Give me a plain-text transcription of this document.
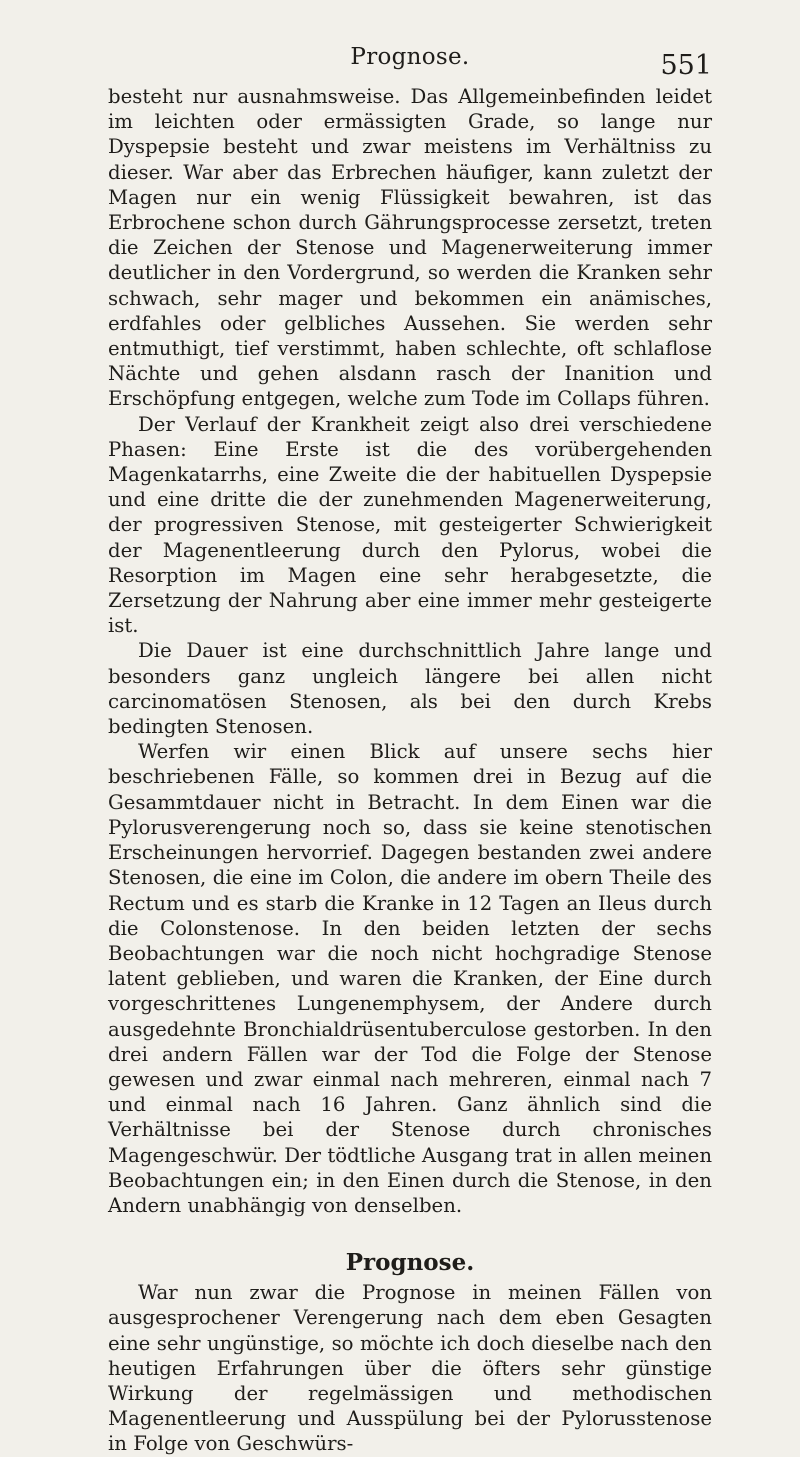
Prognose.	551

besteht nur ausnahmsweise. Das Allgemeinbefinden leidet im leichten oder ermässigten Grade, so lange nur Dyspepsie besteht und zwar meistens im Verhältniss zu dieser. War aber das Erbrechen häufiger, kann zuletzt der Magen nur ein wenig Flüssigkeit bewahren, ist das Erbrochene schon durch Gährungsprocesse zersetzt, treten die Zeichen der Stenose und Magenerweiterung immer deutlicher in den Vordergrund, so werden die Kranken sehr schwach, sehr mager und bekommen ein anämisches, erdfahles oder gelbliches Aussehen. Sie werden sehr entmuthigt, tief verstimmt, haben schlechte, oft schlaflose Nächte und gehen alsdann rasch der Inanition und Erschöpfung entgegen, welche zum Tode im Collaps führen.

Der Verlauf der Krankheit zeigt also drei verschiedene Phasen: Eine Erste ist die des vorübergehenden Magenkatarrhs, eine Zweite die der habituellen Dyspepsie und eine dritte die der zunehmenden Magenerweiterung, der progressiven Stenose, mit gesteigerter Schwierigkeit der Magenentleerung durch den Pylorus, wobei die Resorption im Magen eine sehr herabgesetzte, die Zersetzung der Nahrung aber eine immer mehr gesteigerte ist.

Die Dauer ist eine durchschnittlich Jahre lange und besonders ganz ungleich längere bei allen nicht carcinomatösen Stenosen, als bei den durch Krebs bedingten Stenosen.

Werfen wir einen Blick auf unsere sechs hier beschriebenen Fälle, so kommen drei in Bezug auf die Gesammtdauer nicht in Betracht. In dem Einen war die Pylorusverengerung noch so, dass sie keine stenotischen Erscheinungen hervorrief. Dagegen bestanden zwei andere Stenosen, die eine im Colon, die andere im obern Theile des Rectum und es starb die Kranke in 12 Tagen an Ileus durch die Colonstenose. In den beiden letzten der sechs Beobachtungen war die noch nicht hochgradige Stenose latent geblieben, und waren die Kranken, der Eine durch vorgeschrittenes Lungenemphysem, der Andere durch ausgedehnte Bronchialdrüsentuberculose gestorben. In den drei andern Fällen war der Tod die Folge der Stenose gewesen und zwar einmal nach mehreren, einmal nach 7 und einmal nach 16 Jahren. Ganz ähnlich sind die Verhältnisse bei der Stenose durch chronisches Magengeschwür. Der tödtliche Ausgang trat in allen meinen Beobachtungen ein; in den Einen durch die Stenose, in den Andern unabhängig von denselben.

Prognose.

War nun zwar die Prognose in meinen Fällen von ausgesprochener Verengerung nach dem eben Gesagten eine sehr ungünstige, so möchte ich doch dieselbe nach den heutigen Erfahrungen über die öfters sehr günstige Wirkung der regelmässigen und methodischen Magenentleerung und Ausspülung bei der Pylorusstenose in Folge von Geschwürs-
